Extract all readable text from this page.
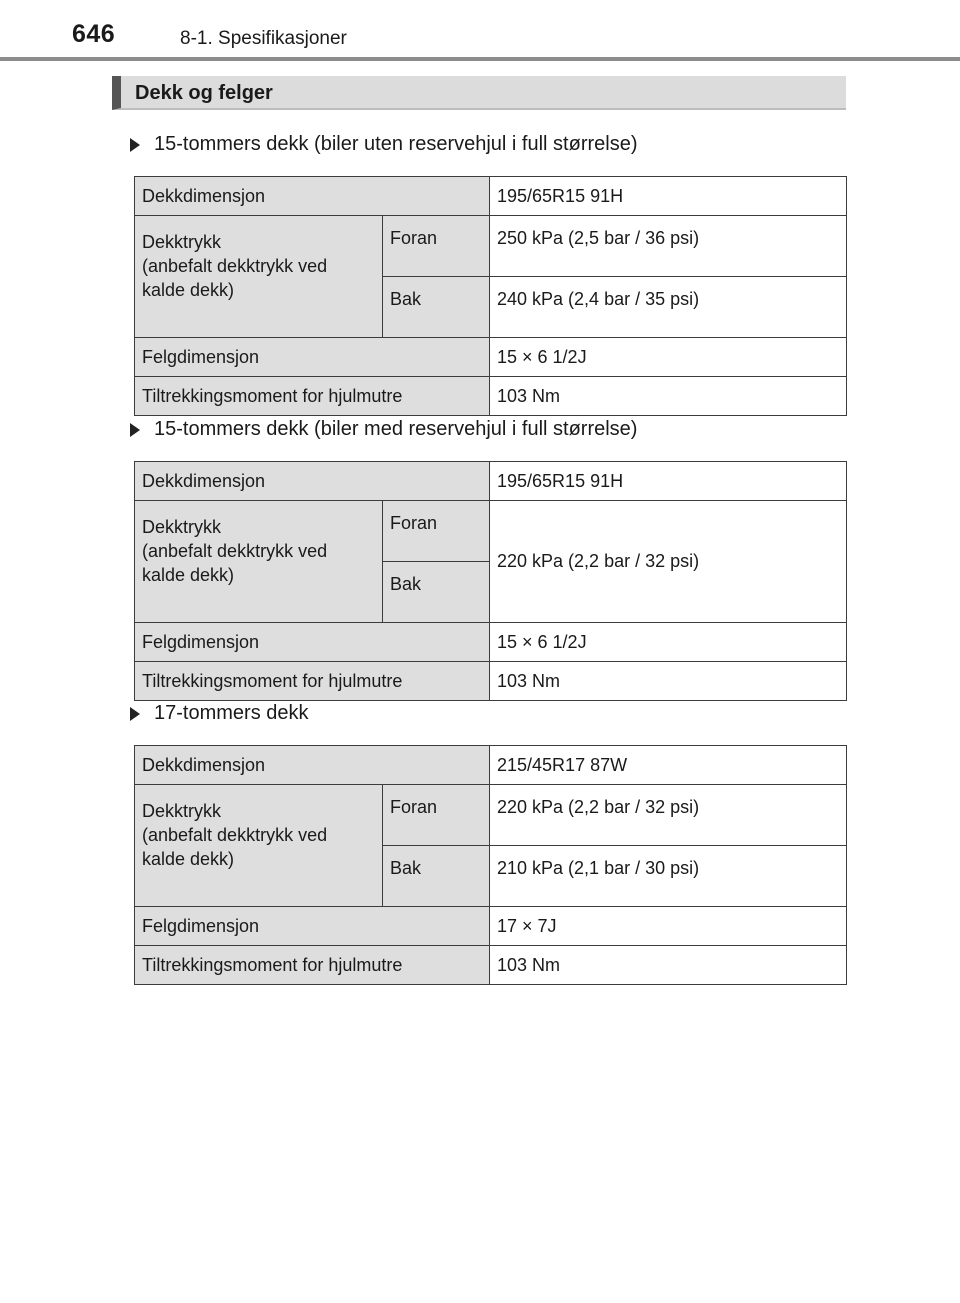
646	8-1. Spesifikasjoner
Dekk og felger
15-tommers dekk (biler uten reservehjul i full størrelse)
Dekkdimensjon		195/65R15 91H
Dekktrykk
(anbefalt dekktrykk ved
kalde dekk)	Foran	250 kPa (2,5 bar / 36 psi)
	Bak	240 kPa (2,4 bar / 35 psi)
Felgdimensjon		15 × 6 1/2J
Tiltrekkingsmoment for hjulmutre		103 Nm
15-tommers dekk (biler med reservehjul i full størrelse)
Dekkdimensjon		195/65R15 91H
Dekktrykk
(anbefalt dekktrykk ved
kalde dekk)	Foran	220 kPa (2,2 bar / 32 psi)
	Bak	
Felgdimensjon		15 × 6 1/2J
Tiltrekkingsmoment for hjulmutre		103 Nm
17-tommers dekk
Dekkdimensjon		215/45R17 87W
Dekktrykk
(anbefalt dekktrykk ved
kalde dekk)	Foran	220 kPa (2,2 bar / 32 psi)
	Bak	210 kPa (2,1 bar / 30 psi)
Felgdimensjon		17 × 7J
Tiltrekkingsmoment for hjulmutre		103 Nm
